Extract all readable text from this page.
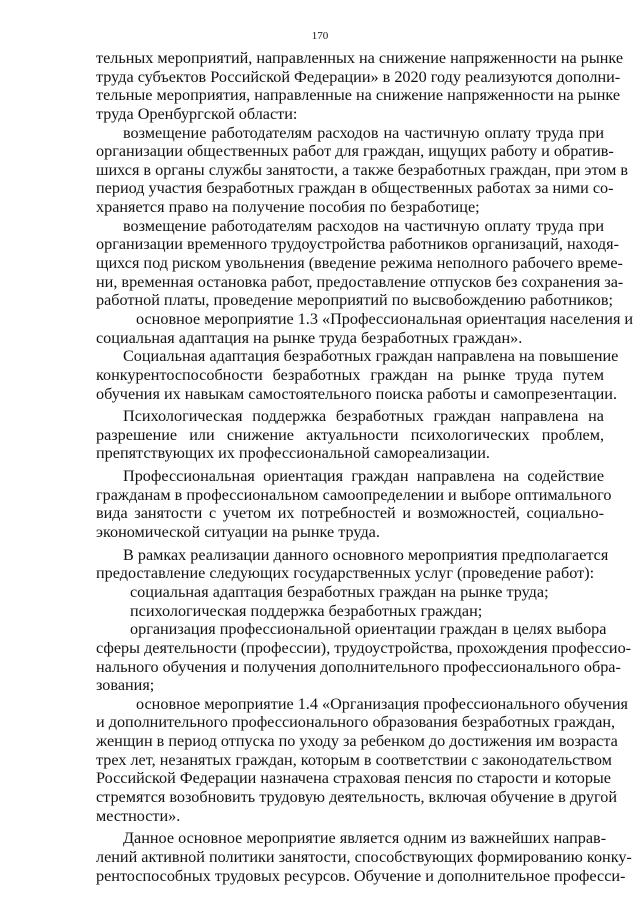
170
тельных мероприятий, направленных на снижение напряженности на рынке
труда субъектов Российской Федерации» в 2020 году реализуются дополни-
тельные мероприятия, направленные на снижение напряженности на рынке
труда Оренбургской области:
возмещение работодателям расходов на частичную оплату труда при
организации общественных работ для граждан, ищущих работу и обратив-
шихся в органы службы занятости, а также безработных граждан, при этом в
период участия безработных граждан в общественных работах за ними со-
храняется право на получение пособия по безработице;
возмещение работодателям расходов на частичную оплату труда при
организации временного трудоустройства работников организаций, находя-
щихся под риском увольнения (введение режима неполного рабочего време-
ни, временная остановка работ, предоставление отпусков без сохранения за-
работной платы, проведение мероприятий по высвобождению работников;
основное мероприятие 1.3 «Профессиональная ориентация населения и
социальная адаптация на рынке труда безработных граждан».
Социальная адаптация безработных граждан направлена на повышение
конкурентоспособности безработных граждан на рынке труда путем
обучения их навыкам самостоятельного поиска работы и самопрезентации.
Психологическая поддержка безработных граждан направлена на
разрешение или снижение актуальности психологических проблем,
препятствующих их профессиональной самореализации.
Профессиональная ориентация граждан направлена на содействие
гражданам в профессиональном самоопределении и выборе оптимального
вида занятости с учетом их потребностей и возможностей, социально-
экономической ситуации на рынке труда.
В рамках реализации данного основного мероприятия предполагается
предоставление следующих государственных услуг (проведение работ):
социальная адаптация безработных граждан на рынке труда;
психологическая поддержка безработных граждан;
организация профессиональной ориентации граждан в целях выбора
сферы деятельности (профессии), трудоустройства, прохождения профессио-
нального обучения и получения дополнительного профессионального обра-
зования;
основное мероприятие 1.4 «Организация профессионального обучения
и дополнительного профессионального образования безработных граждан,
женщин в период отпуска по уходу за ребенком до достижения им возраста
трех лет, незанятых граждан, которым в соответствии с законодательством
Российской Федерации назначена страховая пенсия по старости и которые
стремятся возобновить трудовую деятельность, включая обучение в другой
местности».
Данное основное мероприятие является одним из важнейших направ-
лений активной политики занятости, способствующих формированию конку-
рентоспособных трудовых ресурсов. Обучение и дополнительное професси-
